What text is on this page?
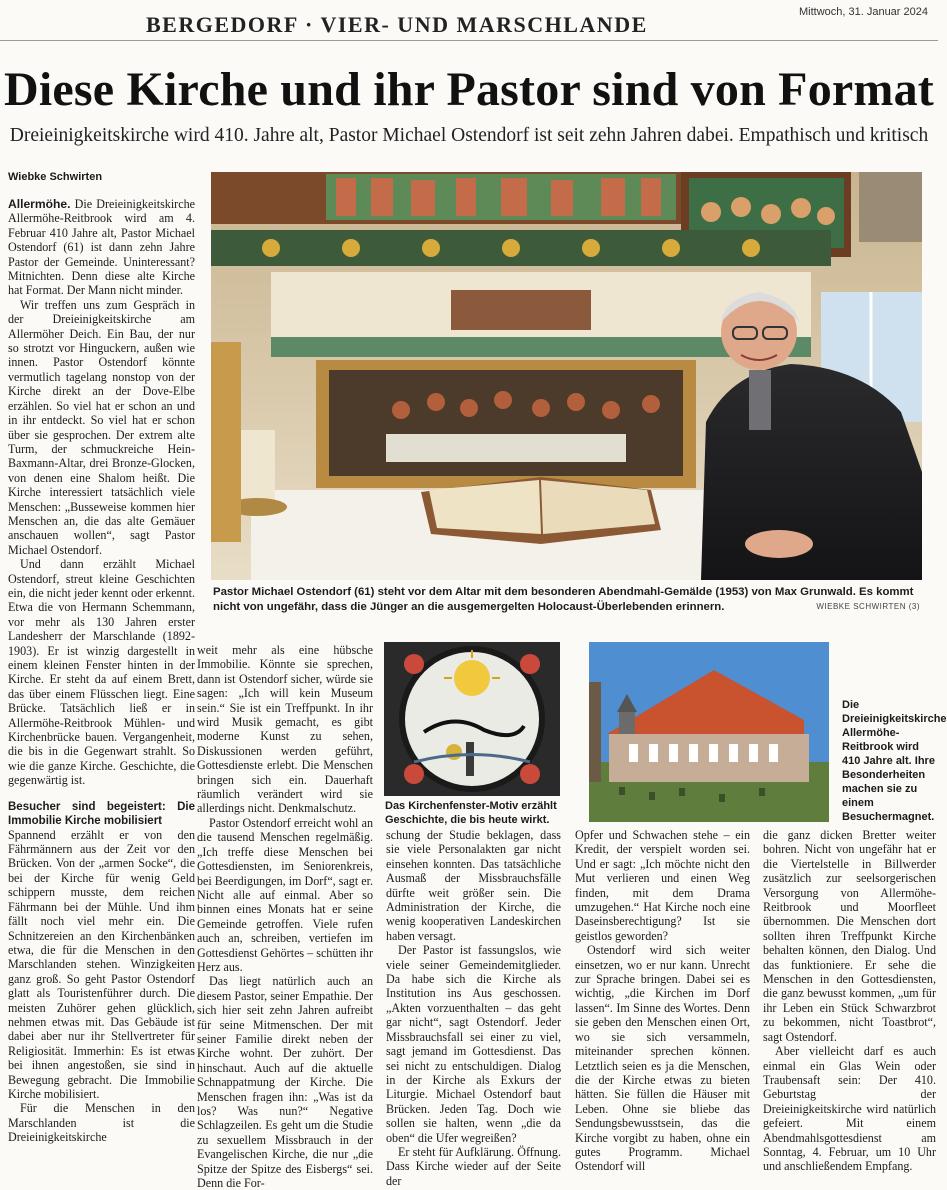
BERGEDORF · VIER- UND MARSCHLANDE	Mittwoch, 31. Januar 2024
Diese Kirche und ihr Pastor sind von Format
Dreieinigkeitskirche wird 410. Jahre alt, Pastor Michael Ostendorf ist seit zehn Jahren dabei. Empathisch und kritisch
Wiebke Schwirten

Allermöhe. Die Dreieinigkeitskirche Allermöhe-Reitbrook wird am 4. Februar 410 Jahre alt, Pastor Michael Ostendorf (61) ist dann zehn Jahre Pastor der Gemeinde. Uninteressant? Mitnichten. Denn diese alte Kirche hat Format. Der Mann nicht minder.

Wir treffen uns zum Gespräch in der Dreieinigkeitskirche am Allermöher Deich. Ein Bau, der nur so strotzt vor Hinguckern, außen wie innen. Pastor Ostendorf könnte vermutlich tagelang nonstop von der Kirche direkt an der Dove-Elbe erzählen. So viel hat er schon an und in ihr entdeckt. So viel hat er schon über sie gesprochen. Der extrem alte Turm, der schmuckreiche Hein-Baxmann-Altar, drei Bronze-Glocken, von denen eine Shalom heißt. Die Kirche interessiert tatsächlich viele Menschen: „Busseweise kommen hier Menschen an, die das alte Gemäuer anschauen wollen“, sagt Pastor Michael Ostendorf.

Und dann erzählt Michael Ostendorf, streut kleine Geschichten ein, die nicht jeder kennt oder erkennt. Etwa die von Hermann Schemmann, vor mehr als 130 Jahren erster Landesherr der Marschlande (1892-1903). Er ist winzig dargestellt in einem kleinen Fenster hinten in der Kirche. Er steht da auf einem Brett, das über einem Flüsschen liegt. Eine Brücke. Tatsächlich ließ er in Allermöhe-Reitbrook Mühlen- und Kirchenbrücke bauen. Vergangenheit, die bis in die Gegenwart strahlt. So wie die ganze Kirche. Geschichte, die gegenwärtig ist.

Besucher sind begeistert: Die Immobilie Kirche mobilisiert

Spannend erzählt er von den Fährmännern aus der Zeit vor den Brücken. Von der „armen Socke“, die bei der Kirche für wenig Geld schippern musste, dem reichen Fährmann bei der Mühle. Und ihm fällt noch viel mehr ein. Die Schnitzereien an den Kirchenbänken etwa, die für die Menschen in den Marschlanden stehen. Winzigkeiten ganz groß. So geht Pastor Ostendorf glatt als Touristenführer durch. Die meisten Zuhörer gehen glücklich, nehmen etwas mit. Das Gebäude ist dabei aber nur ihr Stellvertreter für Religiosität. Immerhin: Es ist etwas bei ihnen angestoßen, sie sind in Bewegung gebracht. Die Immobilie Kirche mobilisiert.

Für die Menschen in den Marschlanden ist die Dreieinigkeitskirche

Pastor Michael Ostendorf (61) steht vor dem Altar mit dem besonderen Abendmahl-Gemälde (1953) von Max Grunwald. Es kommt nicht von ungefähr, dass die Jünger an die ausgemergelten Holocaust-Überlebenden erinnern.	WIEBKE SCHWIRTEN (3)

weit mehr als eine hübsche Immobilie. Könnte sie sprechen, dann ist Ostendorf sicher, würde sie sagen: „Ich will kein Museum sein.“ Sie ist ein Treffpunkt. In ihr wird Musik gemacht, es gibt moderne Kunst zu sehen, Diskussionen werden geführt, Gottesdienste erlebt. Die Menschen bringen sich ein. Dauerhaft räumlich verändert wird sie allerdings nicht. Denkmalschutz.

Pastor Ostendorf erreicht wohl an die tausend Menschen regelmäßig. „Ich treffe diese Menschen bei Gottesdiensten, im Seniorenkreis, bei Beerdigungen, im Dorf“, sagt er. Nicht alle auf einmal. Aber so binnen eines Monats hat er seine Gemeinde getroffen. Viele rufen auch an, schreiben, vertiefen im Gottesdienst Gehörtes – schütten ihr Herz aus.

Das liegt natürlich auch an diesem Pastor, seiner Empathie. Der sich hier seit zehn Jahren aufreibt für seine Mitmenschen. Der mit seiner Familie direkt neben der Kirche wohnt. Der zuhört. Der hinschaut. Auch auf die aktuelle Schnappatmung der Kirche. Die Menschen fragen ihn: „Was ist da los? Was nun?“ Negative Schlagzeilen. Es geht um die Studie zu sexuellem Missbrauch in der Evangelischen Kirche, die nur „die Spitze der Spitze des Eisbergs“ sei. Denn die For-

Das Kirchenfenster-Motiv erzählt Geschichte, die bis heute wirkt.
Die Dreieinigkeitskirche Allermöhe-Reitbrook wird 410 Jahre alt. Ihre Besonderheiten machen sie zu einem Besuchermagnet.

schung der Studie beklagen, dass sie viele Personalakten gar nicht einsehen konnten. Das tatsächliche Ausmaß der Missbrauchsfälle dürfte weit größer sein. Die Administration der Kirche, die wenig kooperativen Landeskirchen haben versagt.

Der Pastor ist fassungslos, wie viele seiner Gemeindemitglieder. Da habe sich die Kirche als Institution ins Aus geschossen. „Akten vorzuenthalten – das geht gar nicht“, sagt Ostendorf. Jeder Missbrauchsfall sei einer zu viel, sagt jemand im Gottesdienst. Das sei nicht zu entschuldigen. Dialog in der Kirche als Exkurs der Liturgie. Michael Ostendorf baut Brücken. Jeden Tag. Doch wie sollen sie halten, wenn „die da oben“ die Ufer wegreißen?

Er steht für Aufklärung. Öffnung. Dass Kirche wieder auf der Seite der

Opfer und Schwachen stehe – ein Kredit, der verspielt worden sei. Und er sagt: „Ich möchte nicht den Mut verlieren und einen Weg finden, mit dem Drama umzugehen.“ Hat Kirche noch eine Daseinsberechtigung? Ist sie geistlos geworden?

Ostendorf wird sich weiter einsetzen, wo er nur kann. Unrecht zur Sprache bringen. Dabei sei es wichtig, „die Kirchen im Dorf lassen“. Im Sinne des Wortes. Denn sie geben den Menschen einen Ort, wo sie sich versammeln, miteinander sprechen können. Letztlich seien es ja die Menschen, die der Kirche etwas zu bieten hätten. Sie füllen die Häuser mit Leben. Ohne sie bliebe das Sendungsbewusstsein, das die Kirche vorgibt zu haben, ohne ein gutes Programm. Michael Ostendorf will

die ganz dicken Bretter weiter bohren. Nicht von ungefähr hat er die Viertelstelle in Billwerder zusätzlich zur seelsorgerischen Versorgung von Allermöhe-Reitbrook und Moorfleet übernommen. Die Menschen dort sollten ihren Treffpunkt Kirche behalten können, den Dialog. Und das funktioniere. Er sehe die Menschen in den Gottesdiensten, die ganz bewusst kommen, „um für ihr Leben ein Stück Schwarzbrot zu bekommen, nicht Toastbrot“, sagt Ostendorf.

Aber vielleicht darf es auch einmal ein Glas Wein oder Traubensaft sein: Der 410. Geburtstag der Dreieinigkeitskirche wird natürlich gefeiert. Mit einem Abendmahlsgottesdienst am Sonntag, 4. Februar, um 10 Uhr und anschließendem Empfang.
